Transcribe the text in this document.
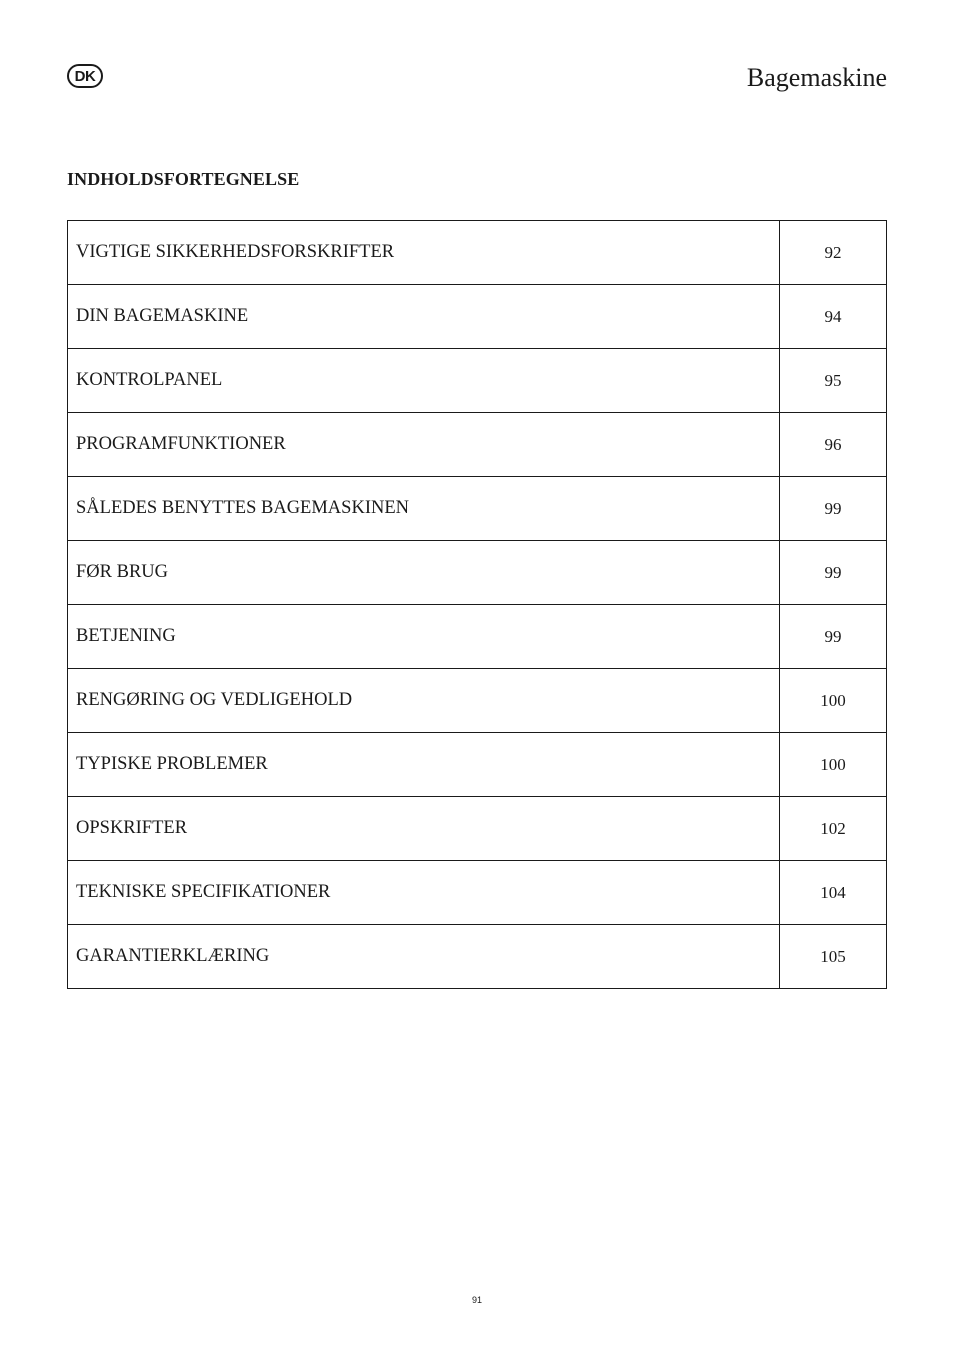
DK	Bagemaskine
INDHOLDSFORTEGNELSE
VIGTIGE SIKKERHEDSFORSKRIFTER	92
DIN BAGEMASKINE	94
KONTROLPANEL	95
PROGRAMFUNKTIONER	96
SÅLEDES BENYTTES BAGEMASKINEN	99
FØR BRUG	99
BETJENING	99
RENGØRING OG VEDLIGEHOLD	100
TYPISKE PROBLEMER	100
OPSKRIFTER	102
TEKNISKE SPECIFIKATIONER	104
GARANTIERKLÆRING	105
91
